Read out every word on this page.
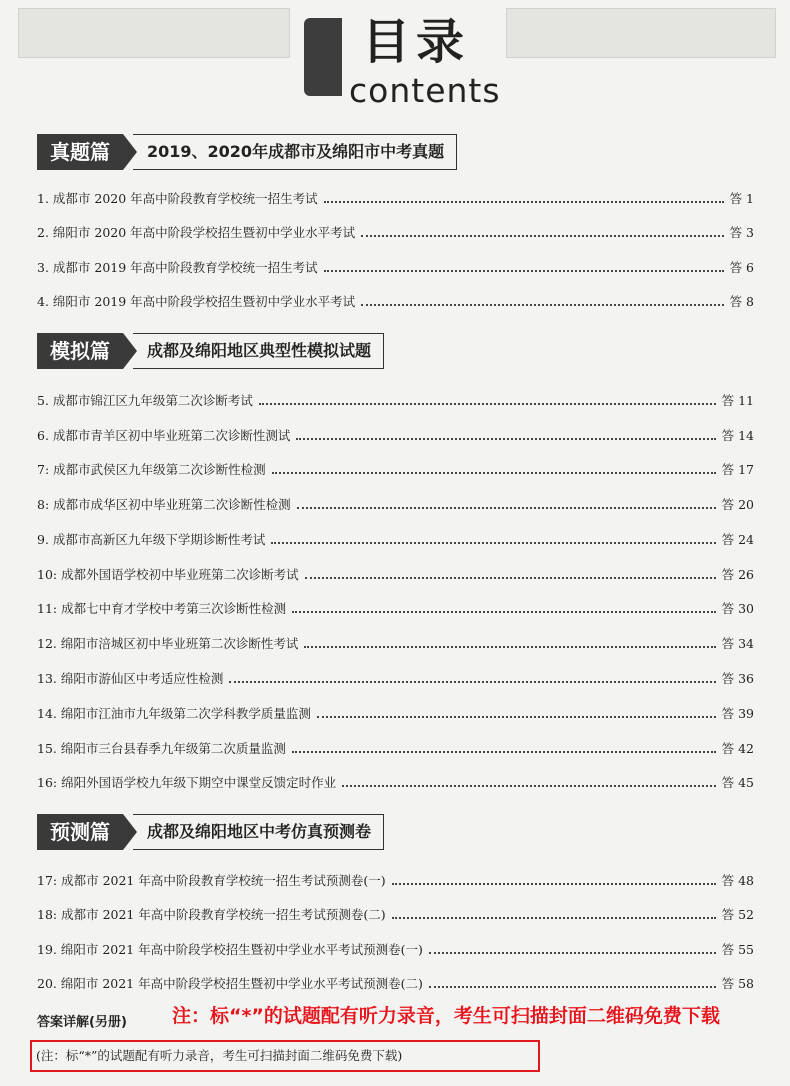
目录
contents
真题篇	2019、2020年成都市及绵阳市中考真题
1. 成都市 2020 年高中阶段教育学校统一招生考试	答 1
2. 绵阳市 2020 年高中阶段学校招生暨初中学业水平考试	答 3
3. 成都市 2019 年高中阶段教育学校统一招生考试	答 6
4. 绵阳市 2019 年高中阶段学校招生暨初中学业水平考试	答 8
模拟篇	成都及绵阳地区典型性模拟试题
5. 成都市锦江区九年级第二次诊断考试	答 11
6. 成都市青羊区初中毕业班第二次诊断性测试	答 14
7: 成都市武侯区九年级第二次诊断性检测	答 17
8: 成都市成华区初中毕业班第二次诊断性检测	答 20
9. 成都市高新区九年级下学期诊断性考试	答 24
10: 成都外国语学校初中毕业班第二次诊断考试	答 26
11: 成都七中育才学校中考第三次诊断性检测	答 30
12. 绵阳市涪城区初中毕业班第二次诊断性考试	答 34
13. 绵阳市游仙区中考适应性检测	答 36
14. 绵阳市江油市九年级第二次学科教学质量监测	答 39
15. 绵阳市三台县春季九年级第二次质量监测	答 42
16: 绵阳外国语学校九年级下期空中课堂反馈定时作业	答 45
预测篇	成都及绵阳地区中考仿真预测卷
17: 成都市 2021 年高中阶段教育学校统一招生考试预测卷(一)	答 48
18: 成都市 2021 年高中阶段教育学校统一招生考试预测卷(二)	答 52
19. 绵阳市 2021 年高中阶段学校招生暨初中学业水平考试预测卷(一)	答 55
20. 绵阳市 2021 年高中阶段学校招生暨初中学业水平考试预测卷(二)	答 58
答案详解(另册) 注：标“*”的试题配有听力录音，考生可扫描封面二维码免费下载
(注：标“*”的试题配有听力录音，考生可扫描封面二维码免费下载)
